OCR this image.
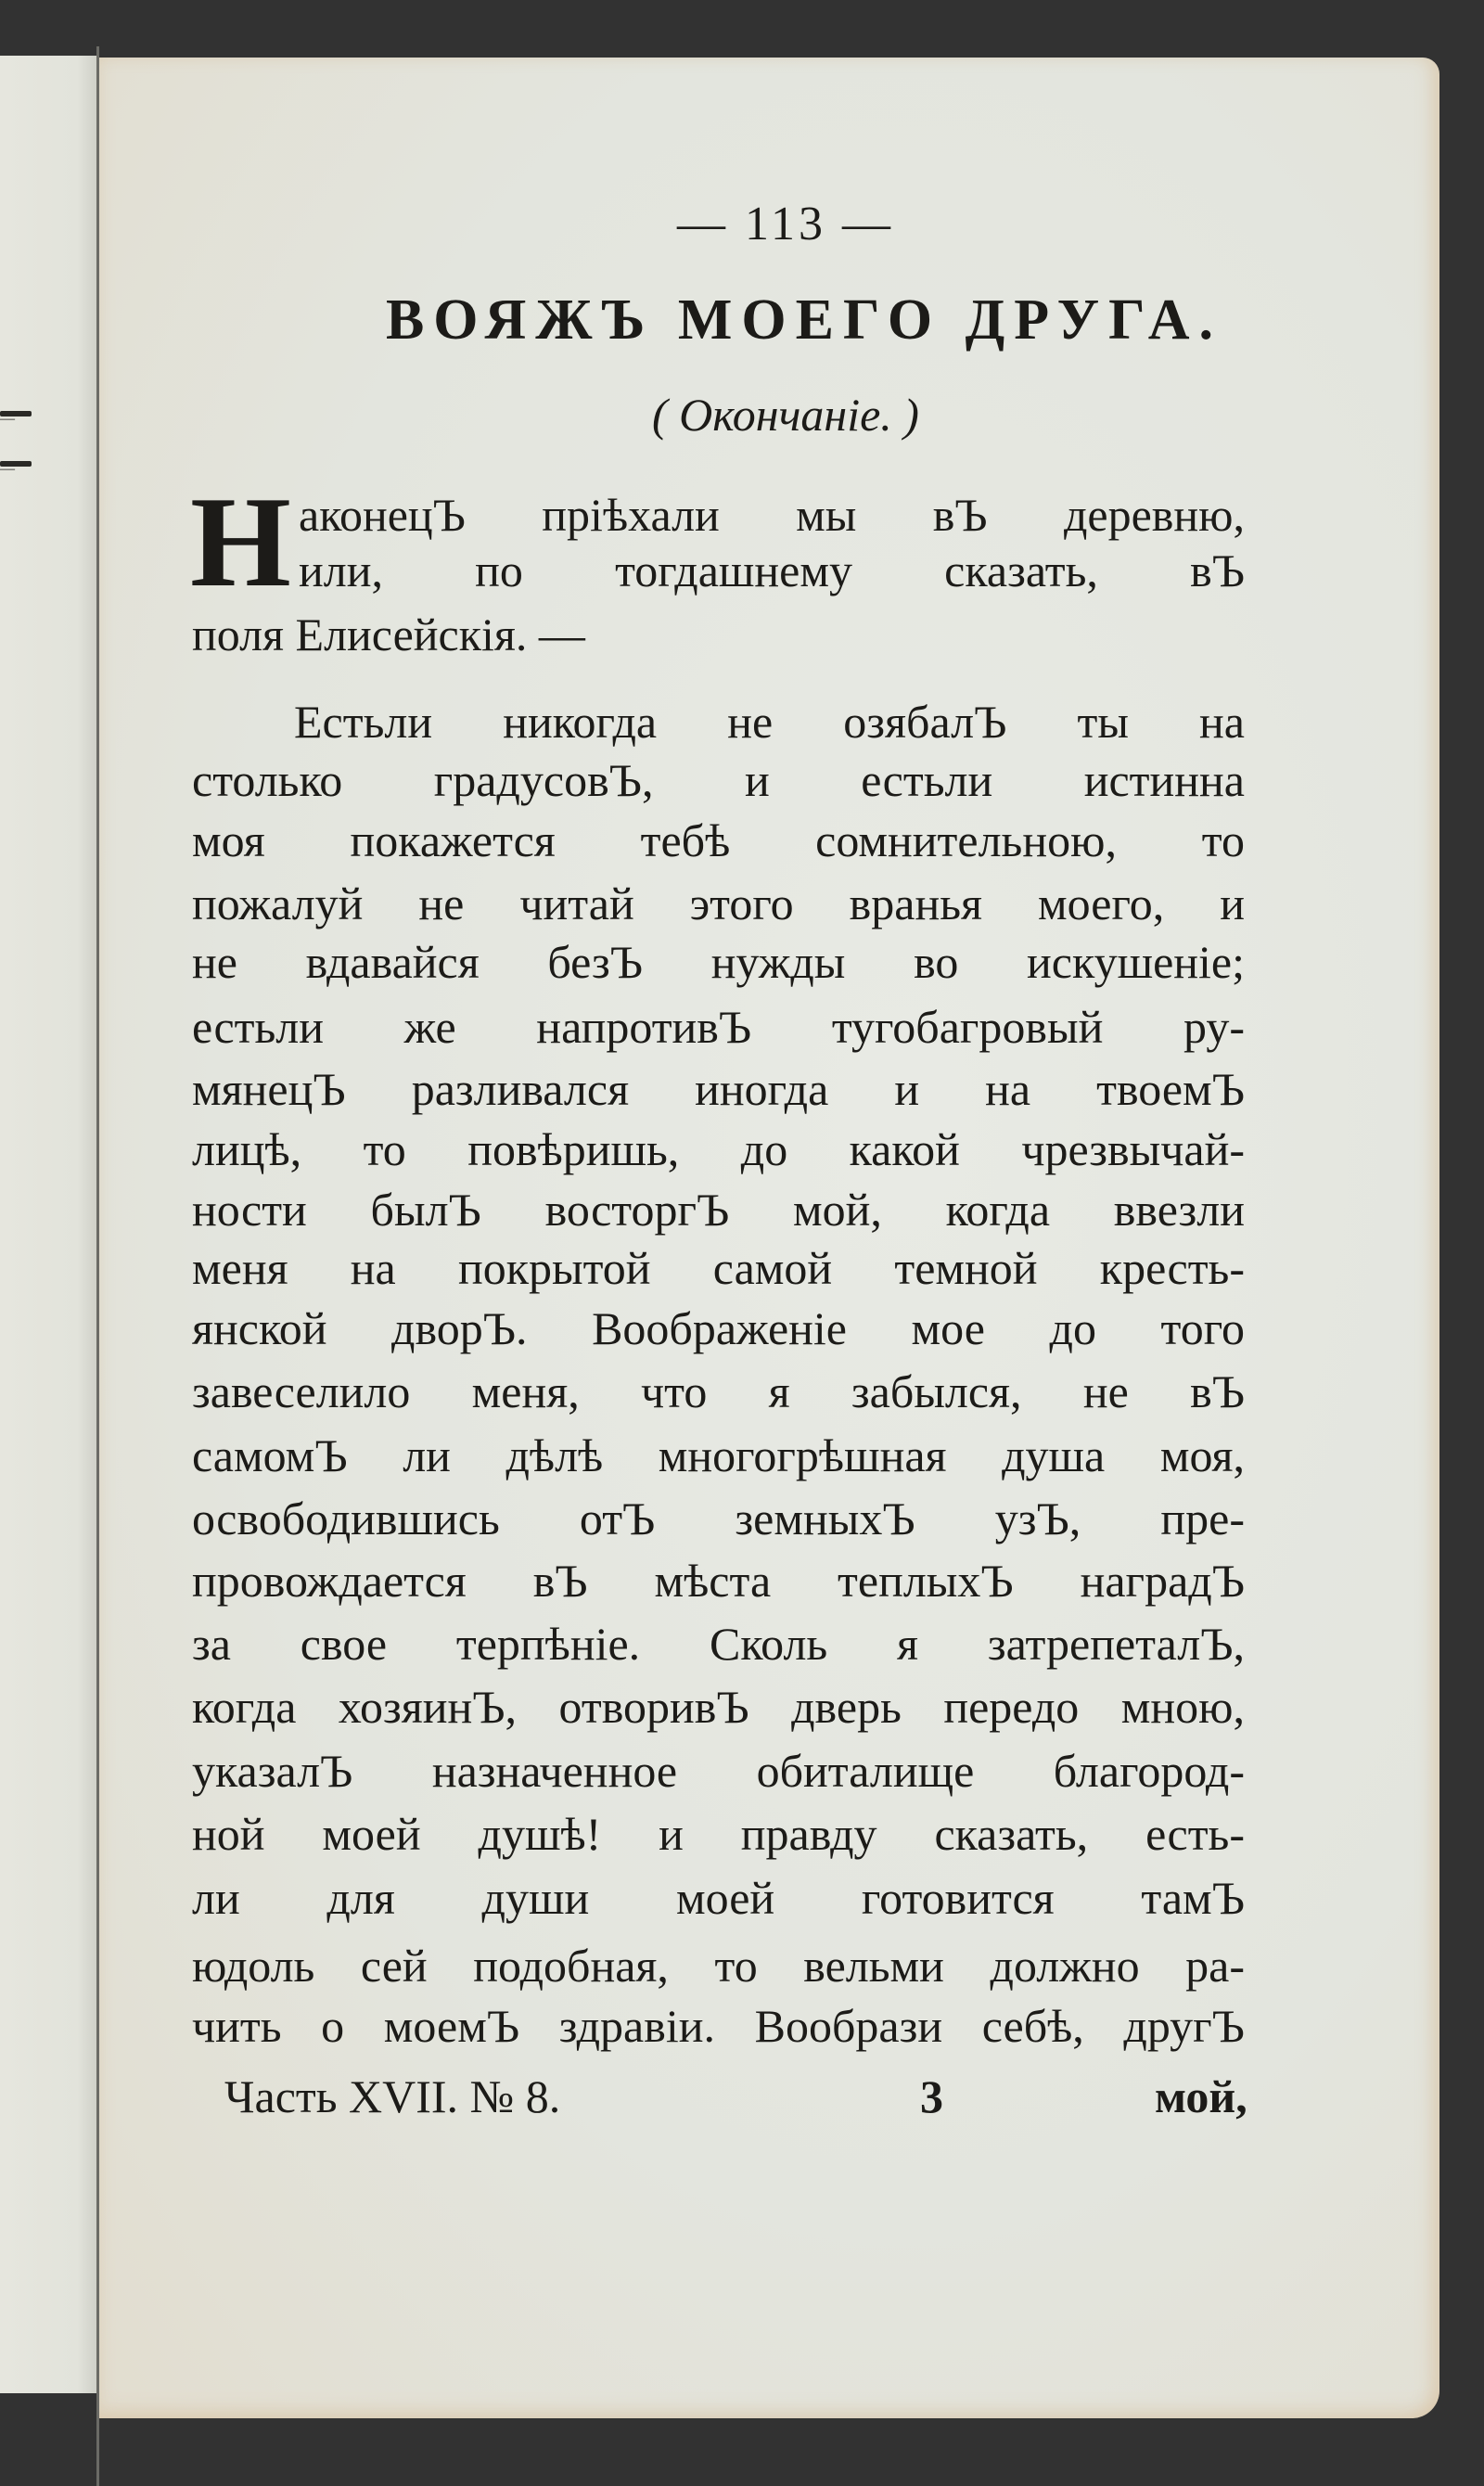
—
—
— 113 —
ВОЯЖЪ МОЕГО ДРУГА.
( Окончаніе. )
Н аконецЪ пріѣхали мы вЪ деревню,
или, по тогдашнему сказать, вЪ
поля Елисейскія. —
Естьли никогда не озябалЪ ты на
столько градусовЪ, и естьли истинна
моя покажется тебѣ сомнительною, то
пожалуй не читай этого вранья моего, и
не вдавайся безЪ нужды во искушеніе;
естьли же напротивЪ тугобагровый ру-
мянецЪ разливался иногда и на твоемЪ
лицѣ, то повѣришь, до какой чрезвычай-
ности былЪ восторгЪ мой, когда ввезли
меня на покрытой самой темной кресть-
янской дворЪ. Воображеніе мое до того
завеселило меня, что я забылся, не вЪ
самомЪ ли дѣлѣ многогрѣшная душа моя,
освободившись отЪ земныхЪ узЪ, пре-
провождается вЪ мѣста теплыхЪ наградЪ
за свое терпѣніе. Сколь я затрепеталЪ,
когда хозяинЪ, отворивЪ дверь передо мною,
указалЪ назначенное обиталище благород-
ной моей душѣ! и правду сказать, есть-
ли для души моей готовится тамЪ
юдоль сей подобная, то вельми должно ра-
чить о моемЪ здравіи. Вообрази себѣ, другЪ
Часть XVII. № 8.	3	мой,
